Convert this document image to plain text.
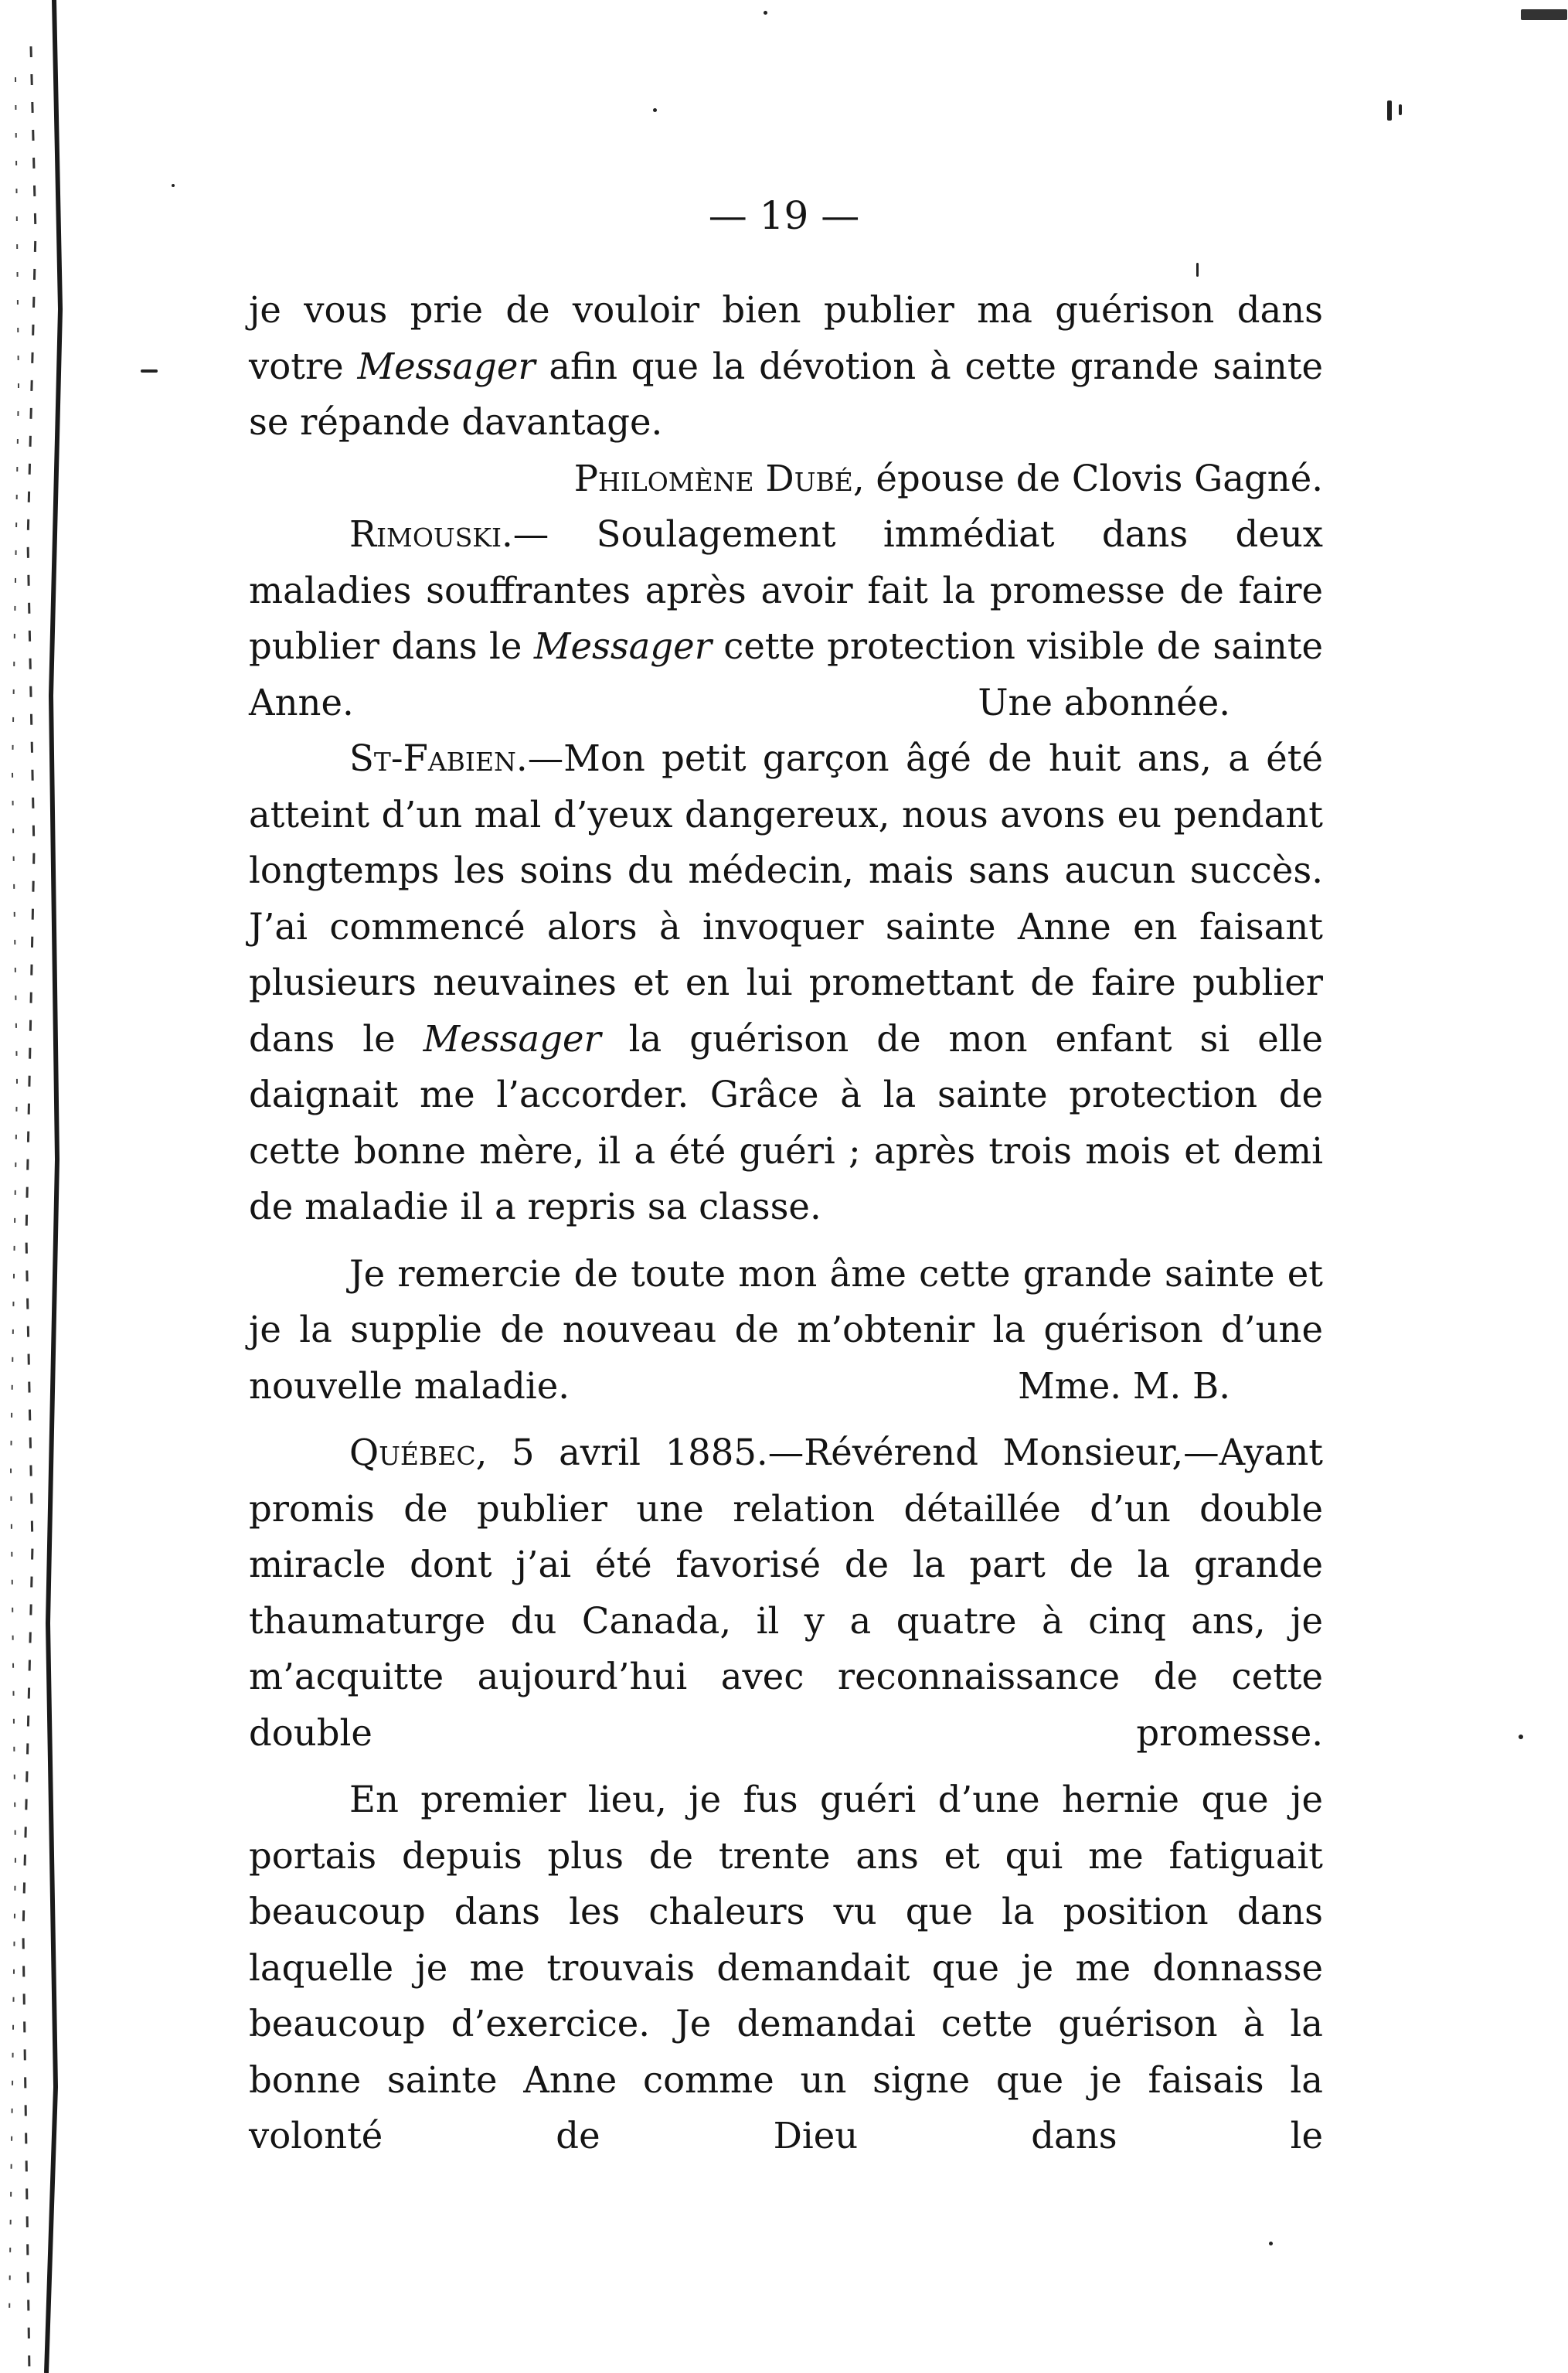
— 19 —

je vous prie de vouloir bien publier ma guérison dans votre Messager afin que la dévotion à cette grande sainte se répande davantage.

Philomène Dubé, épouse de Clovis Gagné.

Rimouski.— Soulagement immédiat dans deux maladies souffrantes après avoir fait la promesse de faire publier dans le Messager cette protection visible de sainte

Anne.	Une abonnée.

St-Fabien.—Mon petit garçon âgé de huit ans, a été atteint d’un mal d’yeux dangereux, nous avons eu pendant longtemps les soins du médecin, mais sans aucun succès. J’ai commencé alors à invoquer sainte Anne en faisant plusieurs neuvaines et en lui promettant de faire publier dans le Messager la guérison de mon enfant si elle daignait me l’accorder. Grâce à la sainte protection de cette bonne mère, il a été guéri ; après trois mois et demi de maladie il a repris sa classe.

Je remercie de toute mon âme cette grande sainte et je la supplie de nouveau de m’obtenir la guérison d’une

nouvelle maladie.	Mme. M. B.

Québec, 5 avril 1885.—Révérend Monsieur,—Ayant promis de publier une relation détaillée d’un double miracle dont j’ai été favorisé de la part de la grande thaumaturge du Canada, il y a quatre à cinq ans, je m’acquitte aujourd’hui avec reconnaissance de cette double promesse.

En premier lieu, je fus guéri d’une hernie que je portais depuis plus de trente ans et qui me fatiguait beaucoup dans les chaleurs vu que la position dans laquelle je me trouvais demandait que je me donnasse beaucoup d’exercice. Je demandai cette guérison à la bonne sainte Anne comme un signe que je faisais la volonté de Dieu dans le
